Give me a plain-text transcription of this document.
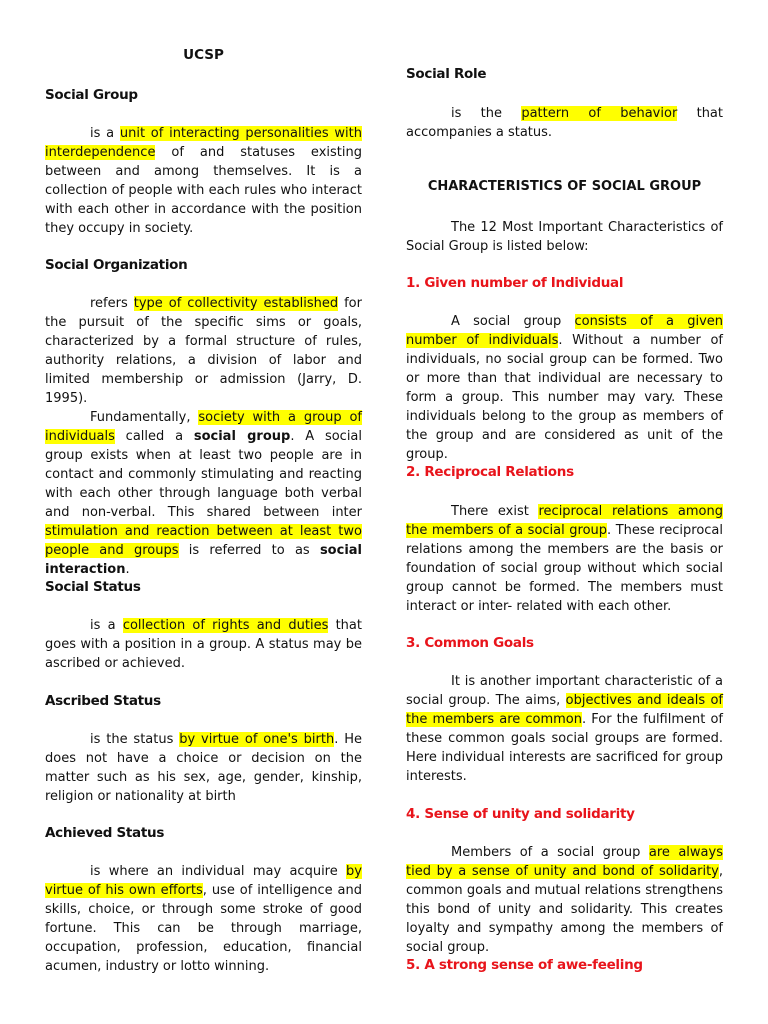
UCSP

Social Group

is a unit of interacting personalities with interdependence of and statuses existing between and among themselves. It is a collection of people with each rules who interact with each other in accordance with the position they occupy in society.

Social Organization

refers type of collectivity established for the pursuit of the specific sims or goals, characterized by a formal structure of rules, authority relations, a division of labor and limited membership or admission (Jarry, D. 1995).

Fundamentally, society with a group of individuals called a social group. A social group exists when at least two people are in contact and commonly stimulating and reacting with each other through language both verbal and non-verbal. This shared between inter stimulation and reaction between at least two people and groups is referred to as social interaction.

Social Status

is a collection of rights and duties that goes with a position in a group. A status may be ascribed or achieved.

Ascribed Status

is the status by virtue of one's birth. He does not have a choice or decision on the matter such as his sex, age, gender, kinship, religion or nationality at birth

Achieved Status

is where an individual may acquire by virtue of his own efforts, use of intelligence and skills, choice, or through some stroke of good fortune. This can be through marriage, occupation, profession, education, financial acumen, industry or lotto winning.

Social Role

is the pattern of behavior that accompanies a status.

CHARACTERISTICS OF SOCIAL GROUP

The 12 Most Important Characteristics of Social Group is listed below:

1. Given number of Individual

A social group consists of a given number of individuals. Without a number of individuals, no social group can be formed. Two or more than that individual are necessary to form a group. This number may vary. These individuals belong to the group as members of the group and are considered as unit of the group.

2. Reciprocal Relations

There exist reciprocal relations among the members of a social group. These reciprocal relations among the members are the basis or foundation of social group without which social group cannot be formed. The members must interact or inter- related with each other.

3. Common Goals

It is another important characteristic of a social group. The aims, objectives and ideals of the members are common. For the fulfilment of these common goals social groups are formed. Here individual interests are sacrificed for group interests.

4. Sense of unity and solidarity

Members of a social group are always tied by a sense of unity and bond of solidarity, common goals and mutual relations strengthens this bond of unity and solidarity. This creates loyalty and sympathy among the members of social group.

5. A strong sense of awe-feeling
